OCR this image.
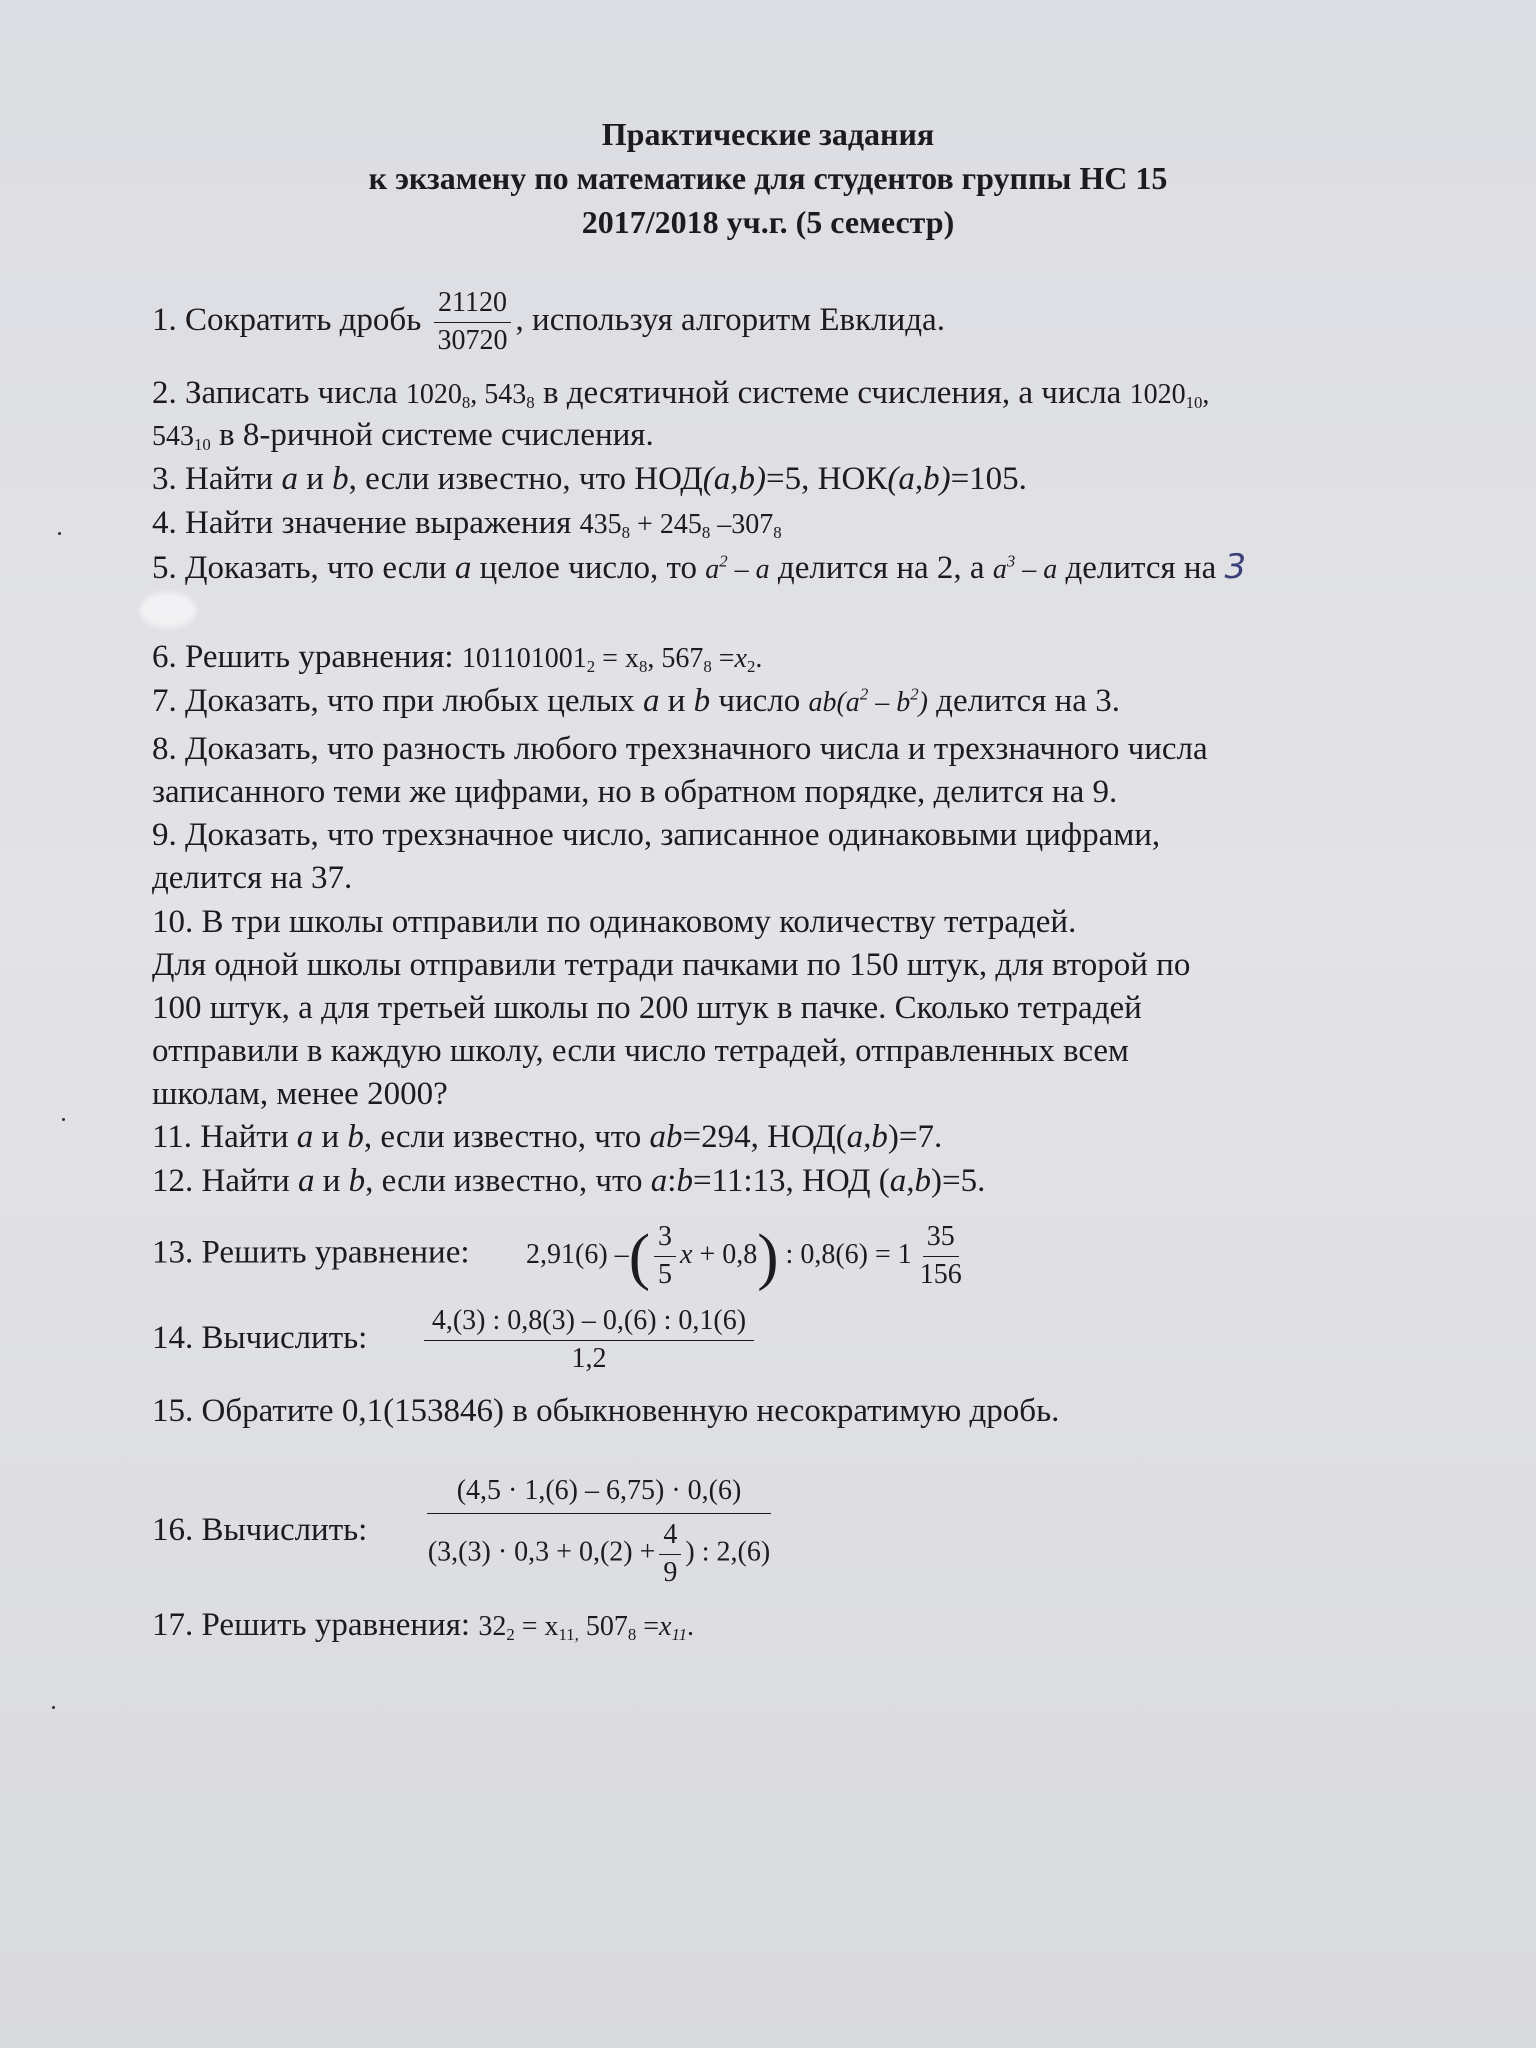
Практические задания
к экзамену по математике для студентов группы НС 15
2017/2018 уч.г. (5 семестр)
1. Сократить дробь $\frac{21120}{30720}$ , используя алгоритм Евклида.
2. Записать числа $1020_8$, $543_8$ в десятичной системе счисления, а числа $1020_{10}$,
$543_{10}$ в 8-ричной системе счисления.
3. Найти a и b, если известно, что НОД(a,b)=5, НОК(a,b)=105.
4. Найти значение выражения $435_8 + 245_8$ $-307_8$
5. Доказать, что если a целое число, то $a^2$ – a делится на 2, а $a^3$ – a делится на 3
6. Решить уравнения: $101101001_2 = x_8$, $567_8 =x_2$.
7. Доказать, что при любых целых a и b число $ab(a^2 - b^2)$ делится на 3.
8. Доказать, что разность любого трехзначного числа и трехзначного числа
записанного теми же цифрами, но в обратном порядке, делится на 9.
9. Доказать, что трехзначное число, записанное одинаковыми цифрами,
делится на 37.
10. В три школы отправили по одинаковому количеству тетрадей.
Для одной школы отправили тетради пачками по 150 штук, для второй по
100 штук, а для третьей школы по 200 штук в пачке. Сколько тетрадей
отправили в каждую школу, если число тетрадей, отправленных всем
школам, менее 2000?
11. Найти a и b, если известно, что ab=294, НОД(a,b)=7.
12. Найти a и b, если известно, что a:b=11:13, НОД (a,b)=5.
13. Решить уравнение: 2,91(6) –( $\frac{3}{5}$ x + 0,8) : $0,8(6) = 1 \frac{35}{156}$
14. Вычислить: $\frac{4,(3) : 0,8(3) - 0,(6) : 0,1(6)}{1,2}$
15. Обратите 0,1(153846) в обыкновенную несократимую дробь.
16. Вычислить: $\frac{(4,5 \cdot 1,(6) - 6,75) \cdot 0,(6)}{(3,(3) \cdot 0,3 + 0,(2) + \frac{4}{9} ) : 2,(6)}$
17. Решить уравнения: $32_2 = x_{11,}$ $507_8 =x_{11}$.
